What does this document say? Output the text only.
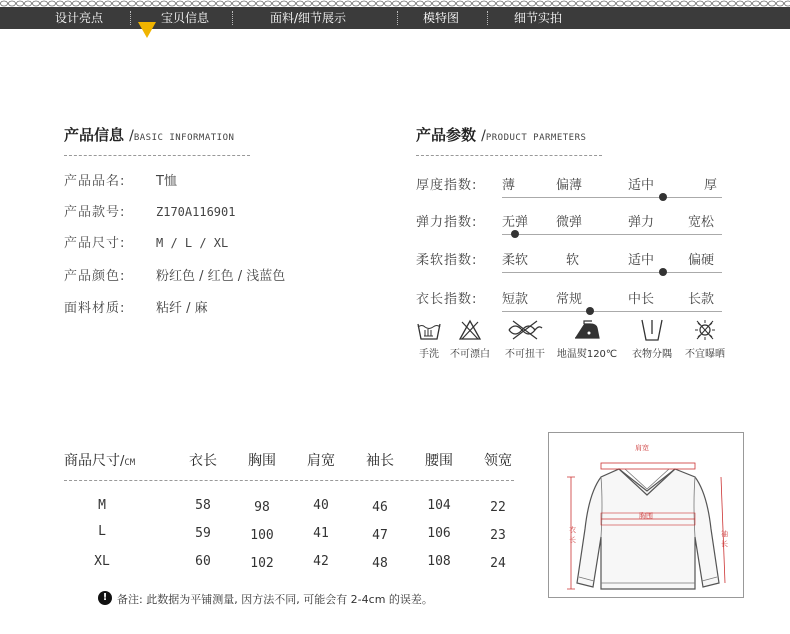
设计亮点	宝贝信息	面料/细节展示	模特图	细节实拍
产品信息 /BASIC INFORMATION
产品品名: T恤
产品款号:	Z170A116901
产品尺寸:	M / L / XL
产品颜色: 粉红色 / 红色 / 浅蓝色
面料材质: 粘纤 / 麻
产品参数 /PRODUCT PARMETERS
厚度指数: 薄	偏薄	适中	厚
弹力指数: 无弹 微弹	弹力	宽松
柔软指数: 柔软	软	适中	偏硬
衣长指数: 短款 常规	中长	长款
手洗	不可漂白	不可扭干	地温熨120℃	衣物分隅	不宜曝晒
商品尺寸/CM	衣长	胸围	肩宽	袖长	腰围	领宽
M	58	98	40	46	104	22
L	59	100	41	47	106	23
XL	60	102	42	48	108	24
! 备注: 此数据为平铺测量, 因方法不同, 可能会有 2-4cm 的误差。
肩宽
胸围
衣
长
袖
长
